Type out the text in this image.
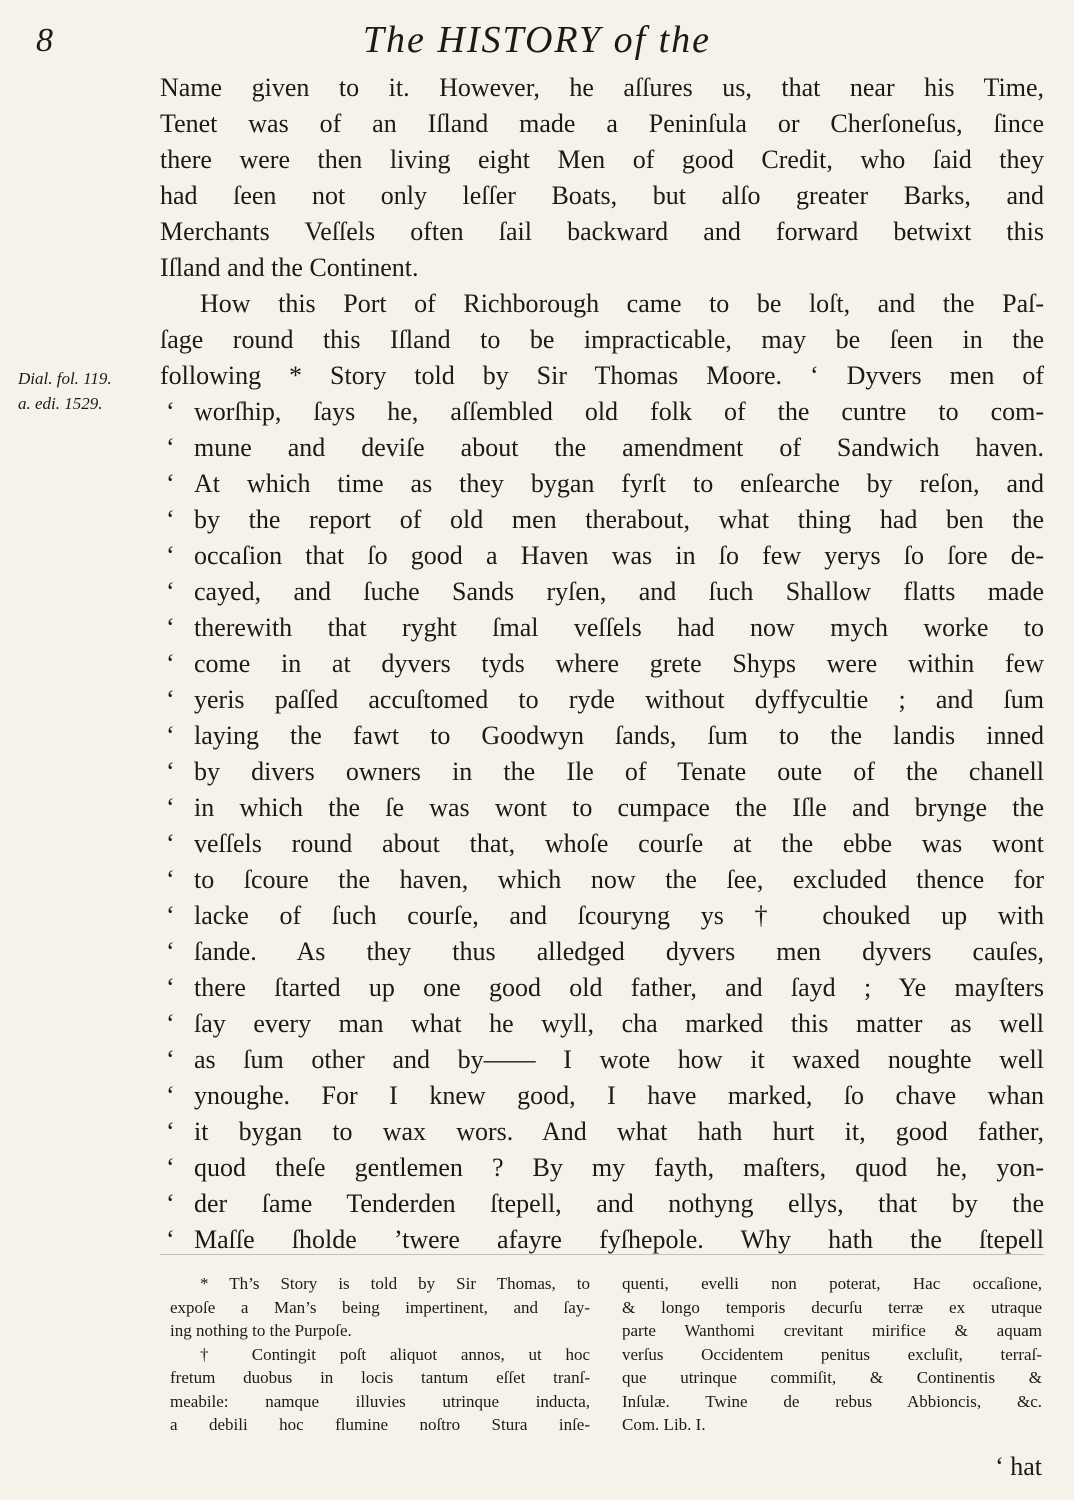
8	The HISTORY of the
Dial. fol. 119.
a. edi. 1529.
Name given to it. However, he aſſures us, that near his Time,
Tenet was of an Iſland made a Peninſula or Cherſoneſus, ſince
there were then living eight Men of good Credit, who ſaid they
had ſeen not only leſſer Boats, but alſo greater Barks, and
Merchants Veſſels often ſail backward and forward betwixt this
Iſland and the Continent.
How this Port of Richborough came to be loſt, and the Paſ-
ſage round this Iſland to be impracticable, may be ſeen in the
following * Story told by Sir Thomas Moore. ‘ Dyvers men of
‘ worſhip, ſays he, aſſembled old folk of the cuntre to com-
‘ mune and deviſe about the amendment of Sandwich haven.
‘ At which time as they bygan fyrſt to enſearche by reſon, and
‘ by the report of old men therabout, what thing had ben the
‘ occaſion that ſo good a Haven was in ſo few yerys ſo ſore de-
‘ cayed, and ſuche Sands ryſen, and ſuch Shallow flatts made
‘ therewith that ryght ſmal veſſels had now mych worke to
‘ come in at dyvers tyds where grete Shyps were within few
‘ yeris paſſed accuſtomed to ryde without dyffycultie ; and ſum
‘ laying the fawt to Goodwyn ſands, ſum to the landis inned
‘ by divers owners in the Ile of Tenate oute of the chanell
‘ in which the ſe was wont to cumpace the Iſle and brynge the
‘ veſſels round about that, whoſe courſe at the ebbe was wont
‘ to ſcoure the haven, which now the ſee, excluded thence for
‘ lacke of ſuch courſe, and ſcouryng ys † chouked up with
‘ ſande. As they thus alledged dyvers men dyvers cauſes,
‘ there ſtarted up one good old father, and ſayd ; Ye mayſters
‘ ſay every man what he wyll, cha marked this matter as well
‘ as ſum other and by—— I wote how it waxed noughte well
‘ ynoughe. For I knew good, I have marked, ſo chave whan
‘ it bygan to wax wors. And what hath hurt it, good father,
‘ quod theſe gentlemen ? By my fayth, maſters, quod he, yon-
‘ der ſame Tenderden ſtepell, and nothyng ellys, that by the
‘ Maſſe ſholde ’twere afayre fyſhepole. Why hath the ſtepell
* Th’s Story is told by Sir Thomas, to
expoſe a Man’s being impertinent, and ſay-
ing nothing to the Purpoſe.
† Contingit poſt aliquot annos, ut hoc
fretum duobus in locis tantum eſſet tranſ-
meabile: namque illuvies utrinque inducta,
a debili hoc flumine noſtro Stura inſe-
quenti, evelli non poterat, Hac occaſione,
& longo temporis decurſu terræ ex utraque
parte Wanthomi crevitant mirifice & aquam
verſus Occidentem penitus excluſit, terraſ-
que utrinque commiſit, & Continentis &
Inſulæ. Twine de rebus Abbioncis, &c.
Com. Lib. I.
‘ hat
